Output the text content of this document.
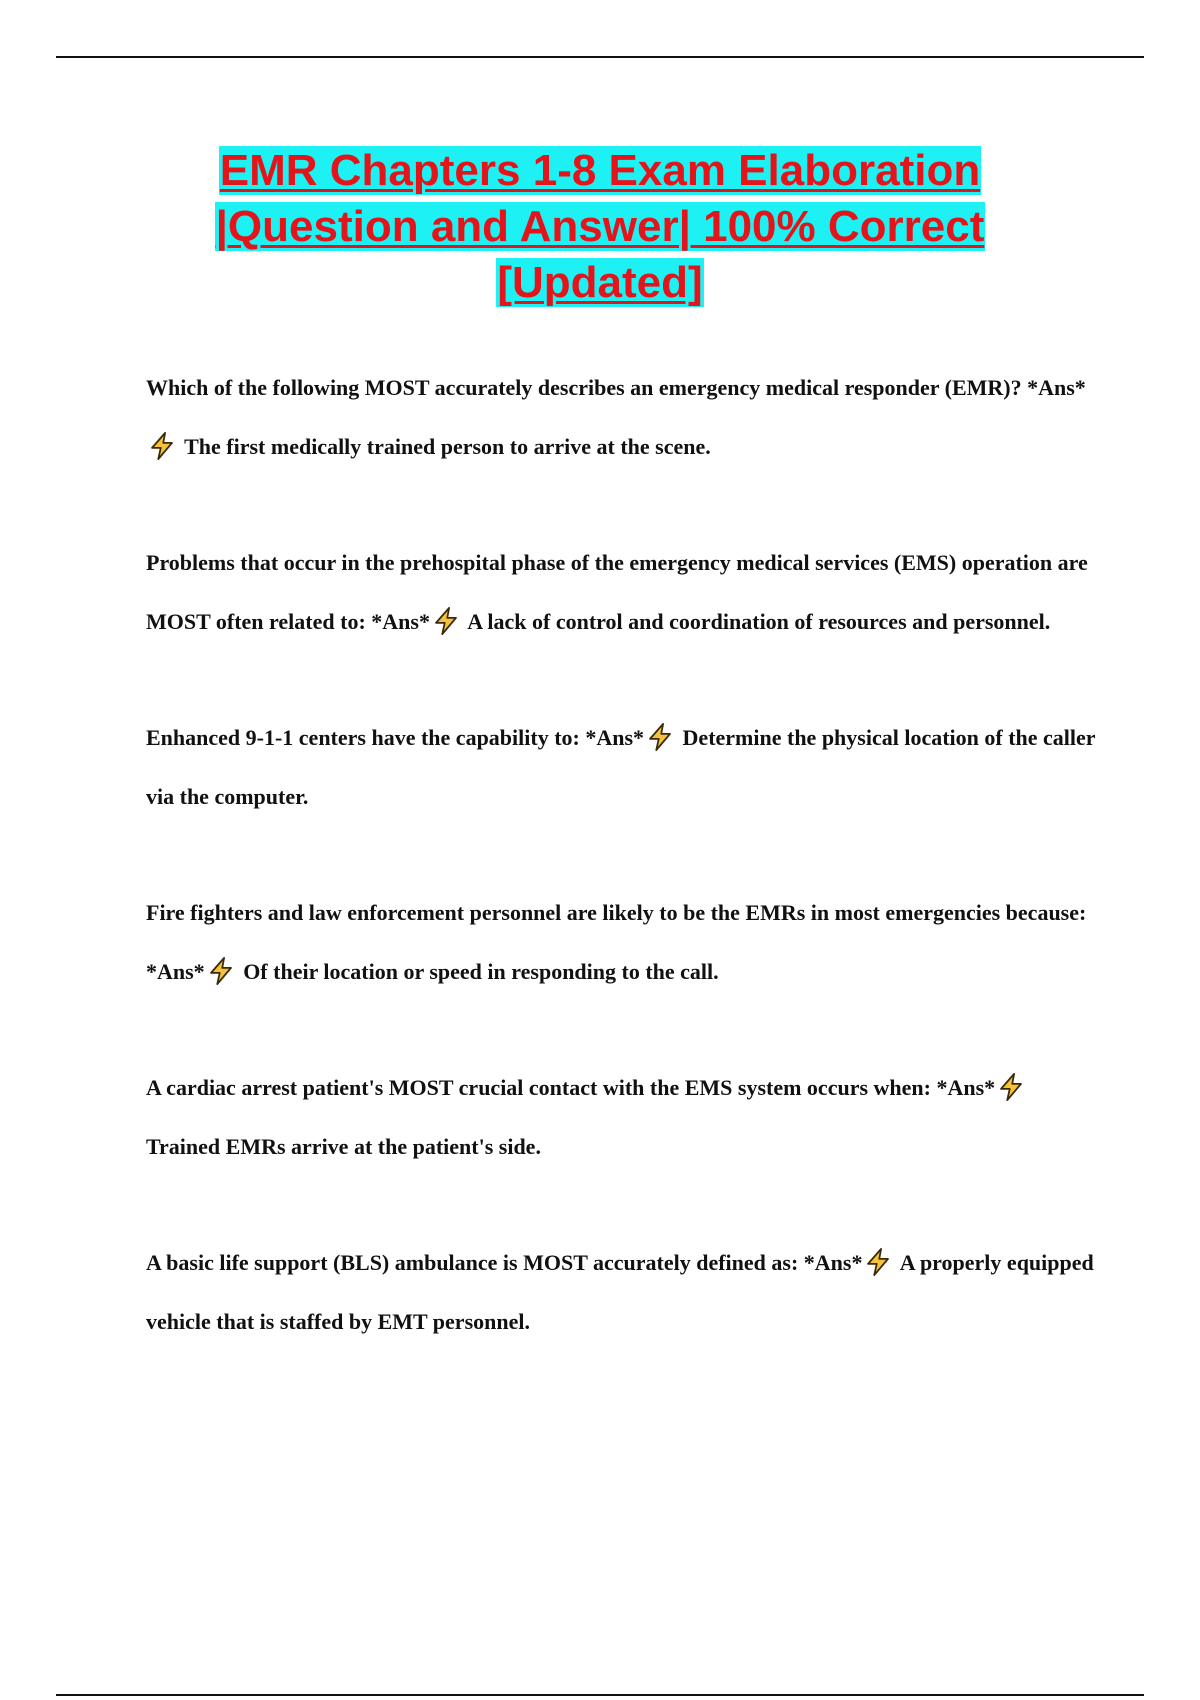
EMR Chapters 1-8 Exam Elaboration
|Question and Answer| 100% Correct
[Updated]

Which of the following MOST accurately describes an emergency medical responder (EMR)? *Ans* The first medically trained person to arrive at the scene.

Problems that occur in the prehospital phase of the emergency medical services (EMS) operation are MOST often related to: *Ans* A lack of control and coordination of resources and personnel.

Enhanced 9-1-1 centers have the capability to: *Ans* Determine the physical location of the caller via the computer.

Fire fighters and law enforcement personnel are likely to be the EMRs in most emergencies because: *Ans* Of their location or speed in responding to the call.

A cardiac arrest patient's MOST crucial contact with the EMS system occurs when: *Ans* Trained EMRs arrive at the patient's side.

A basic life support (BLS) ambulance is MOST accurately defined as: *Ans* A properly equipped vehicle that is staffed by EMT personnel.
